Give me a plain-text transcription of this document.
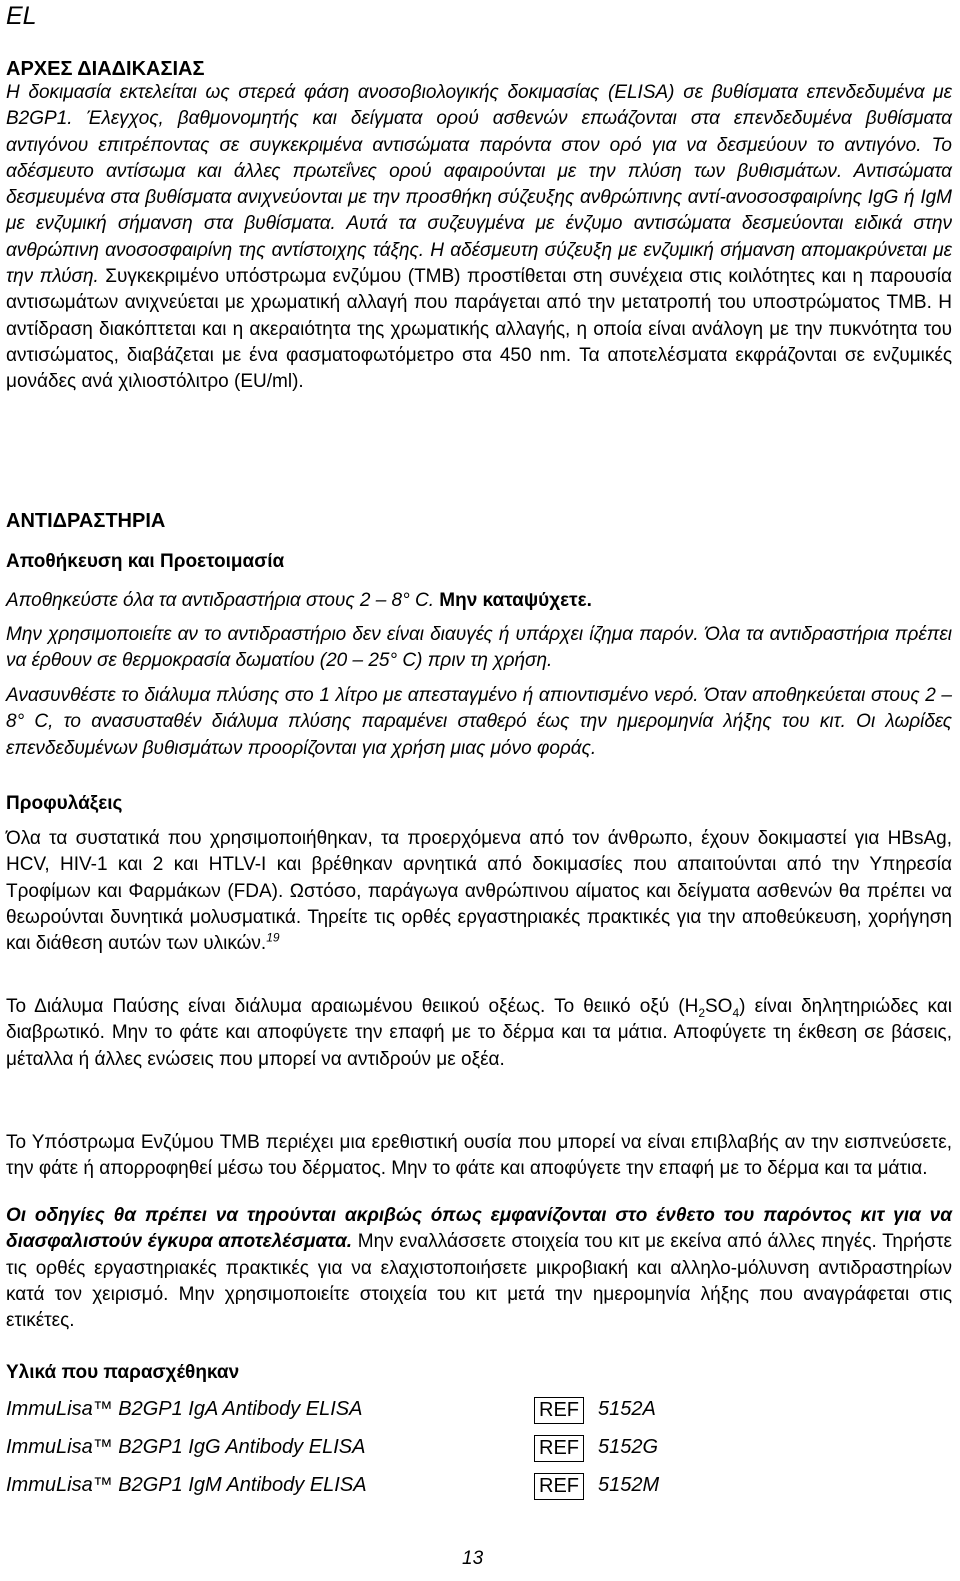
EL
ΑΡΧΕΣ ΔΙΑΔΙΚΑΣΙΑΣ

Η δοκιμασία εκτελείται ως στερεά φάση ανοσοβιολογικής δοκιμασίας (ELISA) σε βυθίσματα επενδεδυμένα με B2GP1. Έλεγχος, βαθμονομητής και δείγματα ορού ασθενών επωάζονται στα επενδεδυμένα βυθίσματα αντιγόνου επιτρέποντας σε συγκεκριμένα αντισώματα παρόντα στον ορό για να δεσμεύουν το αντιγόνο. Το αδέσμευτο αντίσωμα και άλλες πρωτεΐνες ορού αφαιρούνται με την πλύση των βυθισμάτων. Αντισώματα δεσμευμένα στα βυθίσματα ανιχνεύονται με την προσθήκη σύζευξης ανθρώπινης αντί-ανοσοσφαιρίνης IgG ή IgM με ενζυμική σήμανση στα βυθίσματα. Αυτά τα συζευγμένα με ένζυμο αντισώματα δεσμεύονται ειδικά στην ανθρώπινη ανοσοσφαιρίνη της αντίστοιχης τάξης. Η αδέσμευτη σύζευξη με ενζυμική σήμανση απομακρύνεται με την πλύση. Συγκεκριμένο υπόστρωμα ενζύμου (TMB) προστίθεται στη συνέχεια στις κοιλότητες και η παρουσία αντισωμάτων ανιχνεύεται με χρωματική αλλαγή που παράγεται από την μετατροπή του υποστρώματος TMB. Η αντίδραση διακόπτεται και η ακεραιότητα της χρωματικής αλλαγής, η οποία είναι ανάλογη με την πυκνότητα του αντισώματος, διαβάζεται με ένα φασματοφωτόμετρο στα 450 nm. Τα αποτελέσματα εκφράζονται σε ενζυμικές μονάδες ανά χιλιοστόλιτρο (EU/ml).

ΑΝΤΙΔΡΑΣΤΗΡΙΑ
Αποθήκευση και Προετοιμασία

Αποθηκεύστε όλα τα αντιδραστήρια στους 2 – 8° C. Μην καταψύχετε.

Μην χρησιμοποιείτε αν το αντιδραστήριο δεν είναι διαυγές ή υπάρχει ίζημα παρόν. Όλα τα αντιδραστήρια πρέπει να έρθουν σε θερμοκρασία δωματίου (20 – 25° C) πριν τη χρήση.

Ανασυνθέστε το διάλυμα πλύσης στο 1 λίτρο με απεσταγμένο ή απιοντισμένο νερό. Όταν αποθηκεύεται στους 2 – 8° C, το ανασυσταθέν διάλυμα πλύσης παραμένει σταθερό έως την ημερομηνία λήξης του κιτ. Οι λωρίδες επενδεδυμένων βυθισμάτων προορίζονται για χρήση μιας μόνο φοράς.

Προφυλάξεις

Όλα τα συστατικά που χρησιμοποιήθηκαν, τα προερχόμενα από τον άνθρωπο, έχουν δοκιμαστεί για HBsAg, HCV, HIV-1 και 2 και HTLV-I και βρέθηκαν αρνητικά από δοκιμασίες που απαιτούνται από την Υπηρεσία Τροφίμων και Φαρμάκων (FDA). Ωστόσο, παράγωγα ανθρώπινου αίματος και δείγματα ασθενών θα πρέπει να θεωρούνται δυνητικά μολυσματικά. Τηρείτε τις ορθές εργαστηριακές πρακτικές για την αποθεύκευση, χορήγηση και διάθεση αυτών των υλικών.$^{19}$

Το Διάλυμα Παύσης είναι διάλυμα αραιωμένου θειικού οξέως. Το θειικό οξύ $(H_2SO_4)$ είναι δηλητηριώδες και διαβρωτικό. Μην το φάτε και αποφύγετε την επαφή με το δέρμα και τα μάτια. Αποφύγετε τη έκθεση σε βάσεις, μέταλλα ή άλλες ενώσεις που μπορεί να αντιδρούν με οξέα.

Το Υπόστρωμα Ενζύμου TMB περιέχει μια ερεθιστική ουσία που μπορεί να είναι επιβλαβής αν την εισπνεύσετε, την φάτε ή απορροφηθεί μέσω του δέρματος. Μην το φάτε και αποφύγετε την επαφή με το δέρμα και τα μάτια.

Οι οδηγίες θα πρέπει να τηρούνται ακριβώς όπως εμφανίζονται στο ένθετο του παρόντος κιτ για να διασφαλιστούν έγκυρα αποτελέσματα. Μην εναλλάσσετε στοιχεία του κιτ με εκείνα από άλλες πηγές. Τηρήστε τις ορθές εργαστηριακές πρακτικές για να ελαχιστοποιήσετε μικροβιακή και αλληλο-μόλυνση αντιδραστηρίων κατά τον χειρισμό. Μην χρησιμοποιείτε στοιχεία του κιτ μετά την ημερομηνία λήξης που αναγράφεται στις ετικέτες.

Υλικά που παρασχέθηκαν
ImmuLisa™ B2GP1 IgA Antibody ELISA	REF 5152A
ImmuLisa™ B2GP1 IgG Antibody ELISA	REF 5152G
ImmuLisa™ B2GP1 IgM Antibody ELISA	REF 5152M
13
